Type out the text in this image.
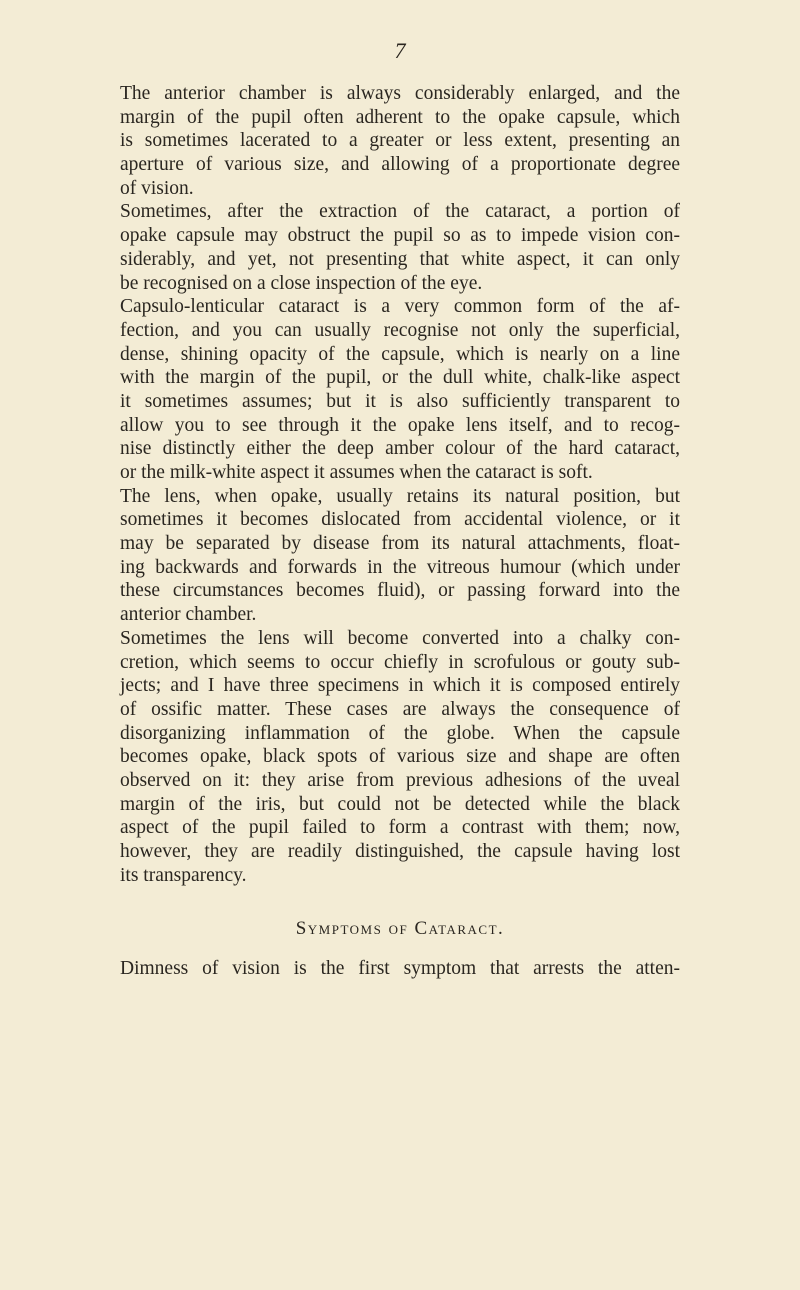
7
The anterior chamber is always considerably enlarged, and the
margin of the pupil often adherent to the opake capsule, which
is sometimes lacerated to a greater or less extent, presenting an
aperture of various size, and allowing of a proportionate degree
of vision.
Sometimes, after the extraction of the cataract, a portion of
opake capsule may obstruct the pupil so as to impede vision con-
siderably, and yet, not presenting that white aspect, it can only
be recognised on a close inspection of the eye.
Capsulo-lenticular cataract is a very common form of the af-
fection, and you can usually recognise not only the superficial,
dense, shining opacity of the capsule, which is nearly on a line
with the margin of the pupil, or the dull white, chalk-like aspect
it sometimes assumes; but it is also sufficiently transparent to
allow you to see through it the opake lens itself, and to recog-
nise distinctly either the deep amber colour of the hard cataract,
or the milk-white aspect it assumes when the cataract is soft.
The lens, when opake, usually retains its natural position, but
sometimes it becomes dislocated from accidental violence, or it
may be separated by disease from its natural attachments, float-
ing backwards and forwards in the vitreous humour (which under
these circumstances becomes fluid), or passing forward into the
anterior chamber.
Sometimes the lens will become converted into a chalky con-
cretion, which seems to occur chiefly in scrofulous or gouty sub-
jects; and I have three specimens in which it is composed entirely
of ossific matter. These cases are always the consequence of
disorganizing inflammation of the globe. When the capsule
becomes opake, black spots of various size and shape are often
observed on it: they arise from previous adhesions of the uveal
margin of the iris, but could not be detected while the black
aspect of the pupil failed to form a contrast with them; now,
however, they are readily distinguished, the capsule having lost
its transparency.
Symptoms of Cataract.
Dimness of vision is the first symptom that arrests the atten-
